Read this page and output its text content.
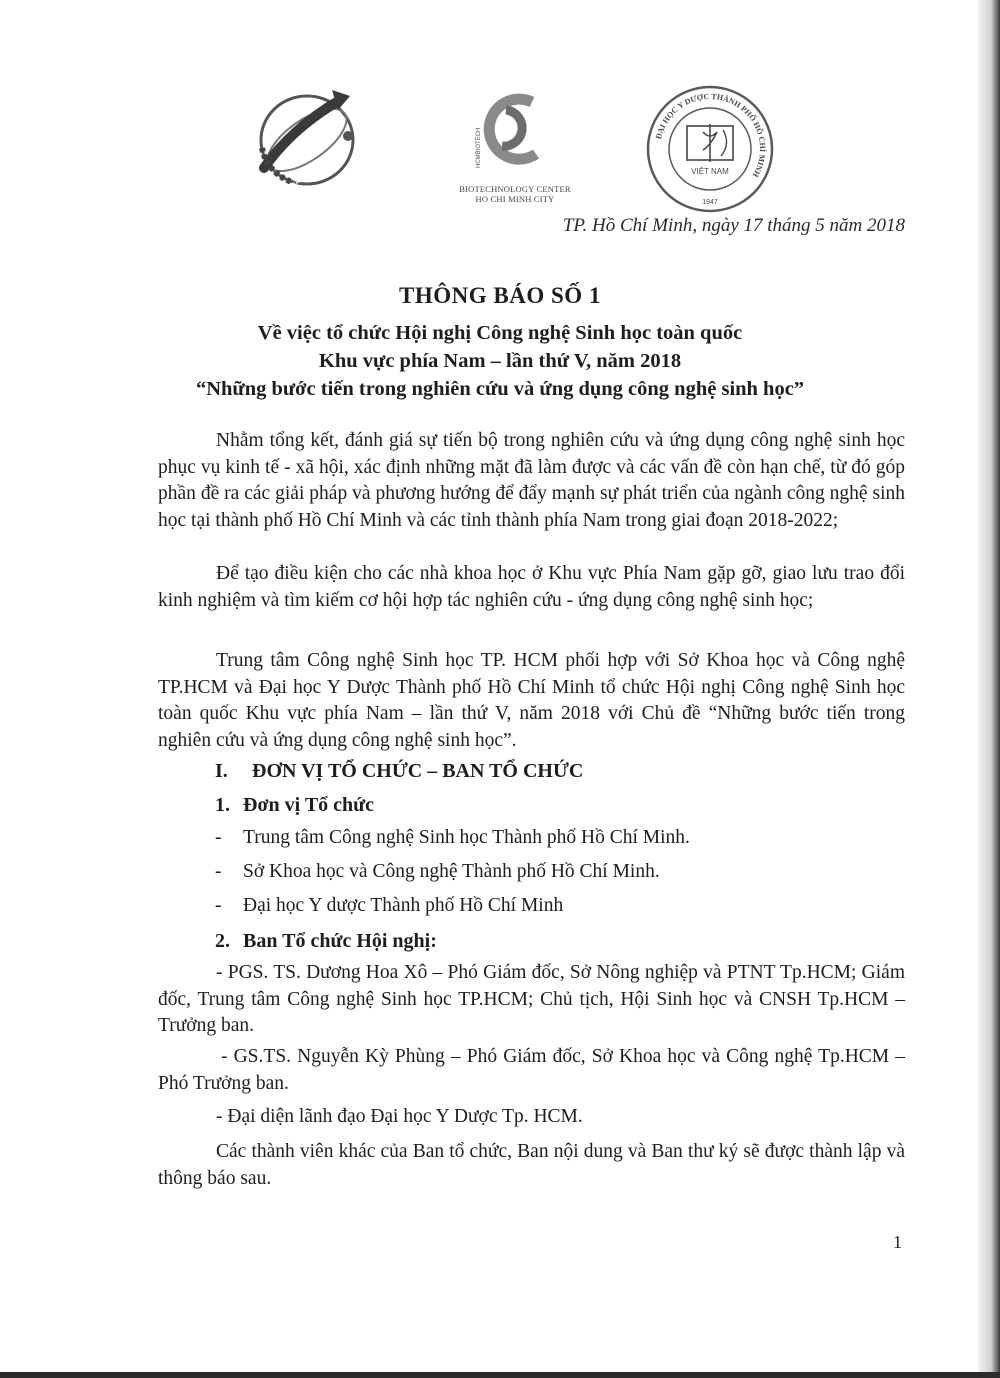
KHOA HỌC & CÔNG NGHỆ	HCMBIOTECH
BIOTECHNOLOGY CENTER
HO CHI MINH CITY
ĐẠI HỌC Y DƯỢC THÀNH PHỐ HỒ CHÍ MINH
VIỆT NAM
1947
TP. Hồ Chí Minh, ngày 17 tháng 5 năm 2018
THÔNG BÁO SỐ 1
Về việc tổ chức Hội nghị Công nghệ Sinh học toàn quốc
Khu vực phía Nam – lần thứ V, năm 2018
“Những bước tiến trong nghiên cứu và ứng dụng công nghệ sinh học”

Nhằm tổng kết, đánh giá sự tiến bộ trong nghiên cứu và ứng dụng công nghệ sinh học phục vụ kinh tế - xã hội, xác định những mặt đã làm được và các vấn đề còn hạn chế, từ đó góp phần đề ra các giải pháp và phương hướng để đẩy mạnh sự phát triển của ngành công nghệ sinh học tại thành phố Hồ Chí Minh và các tỉnh thành phía Nam trong giai đoạn 2018-2022;

Để tạo điều kiện cho các nhà khoa học ở Khu vực Phía Nam gặp gỡ, giao lưu trao đổi kinh nghiệm và tìm kiếm cơ hội hợp tác nghiên cứu - ứng dụng công nghệ sinh học;

Trung tâm Công nghệ Sinh học TP. HCM phối hợp với Sở Khoa học và Công nghệ TP.HCM và Đại học Y Dược Thành phố Hồ Chí Minh tổ chức Hội nghị Công nghệ Sinh học toàn quốc Khu vực phía Nam – lần thứ V, năm 2018 với Chủ đề “Những bước tiến trong nghiên cứu và ứng dụng công nghệ sinh học”.

I. ĐƠN VỊ TỔ CHỨC – BAN TỔ CHỨC
1. Đơn vị Tổ chức
- Trung tâm Công nghệ Sinh học Thành phố Hồ Chí Minh.
- Sở Khoa học và Công nghệ Thành phố Hồ Chí Minh.
- Đại học Y dược Thành phố Hồ Chí Minh
2. Ban Tổ chức Hội nghị:

- PGS. TS. Dương Hoa Xô – Phó Giám đốc, Sở Nông nghiệp và PTNT Tp.HCM; Giám đốc, Trung tâm Công nghệ Sinh học TP.HCM; Chủ tịch, Hội Sinh học và CNSH Tp.HCM – Trưởng ban.

- GS.TS. Nguyễn Kỳ Phùng – Phó Giám đốc, Sở Khoa học và Công nghệ Tp.HCM – Phó Trưởng ban.

- Đại diện lãnh đạo Đại học Y Dược Tp. HCM.

Các thành viên khác của Ban tổ chức, Ban nội dung và Ban thư ký sẽ được thành lập và thông báo sau.

1
